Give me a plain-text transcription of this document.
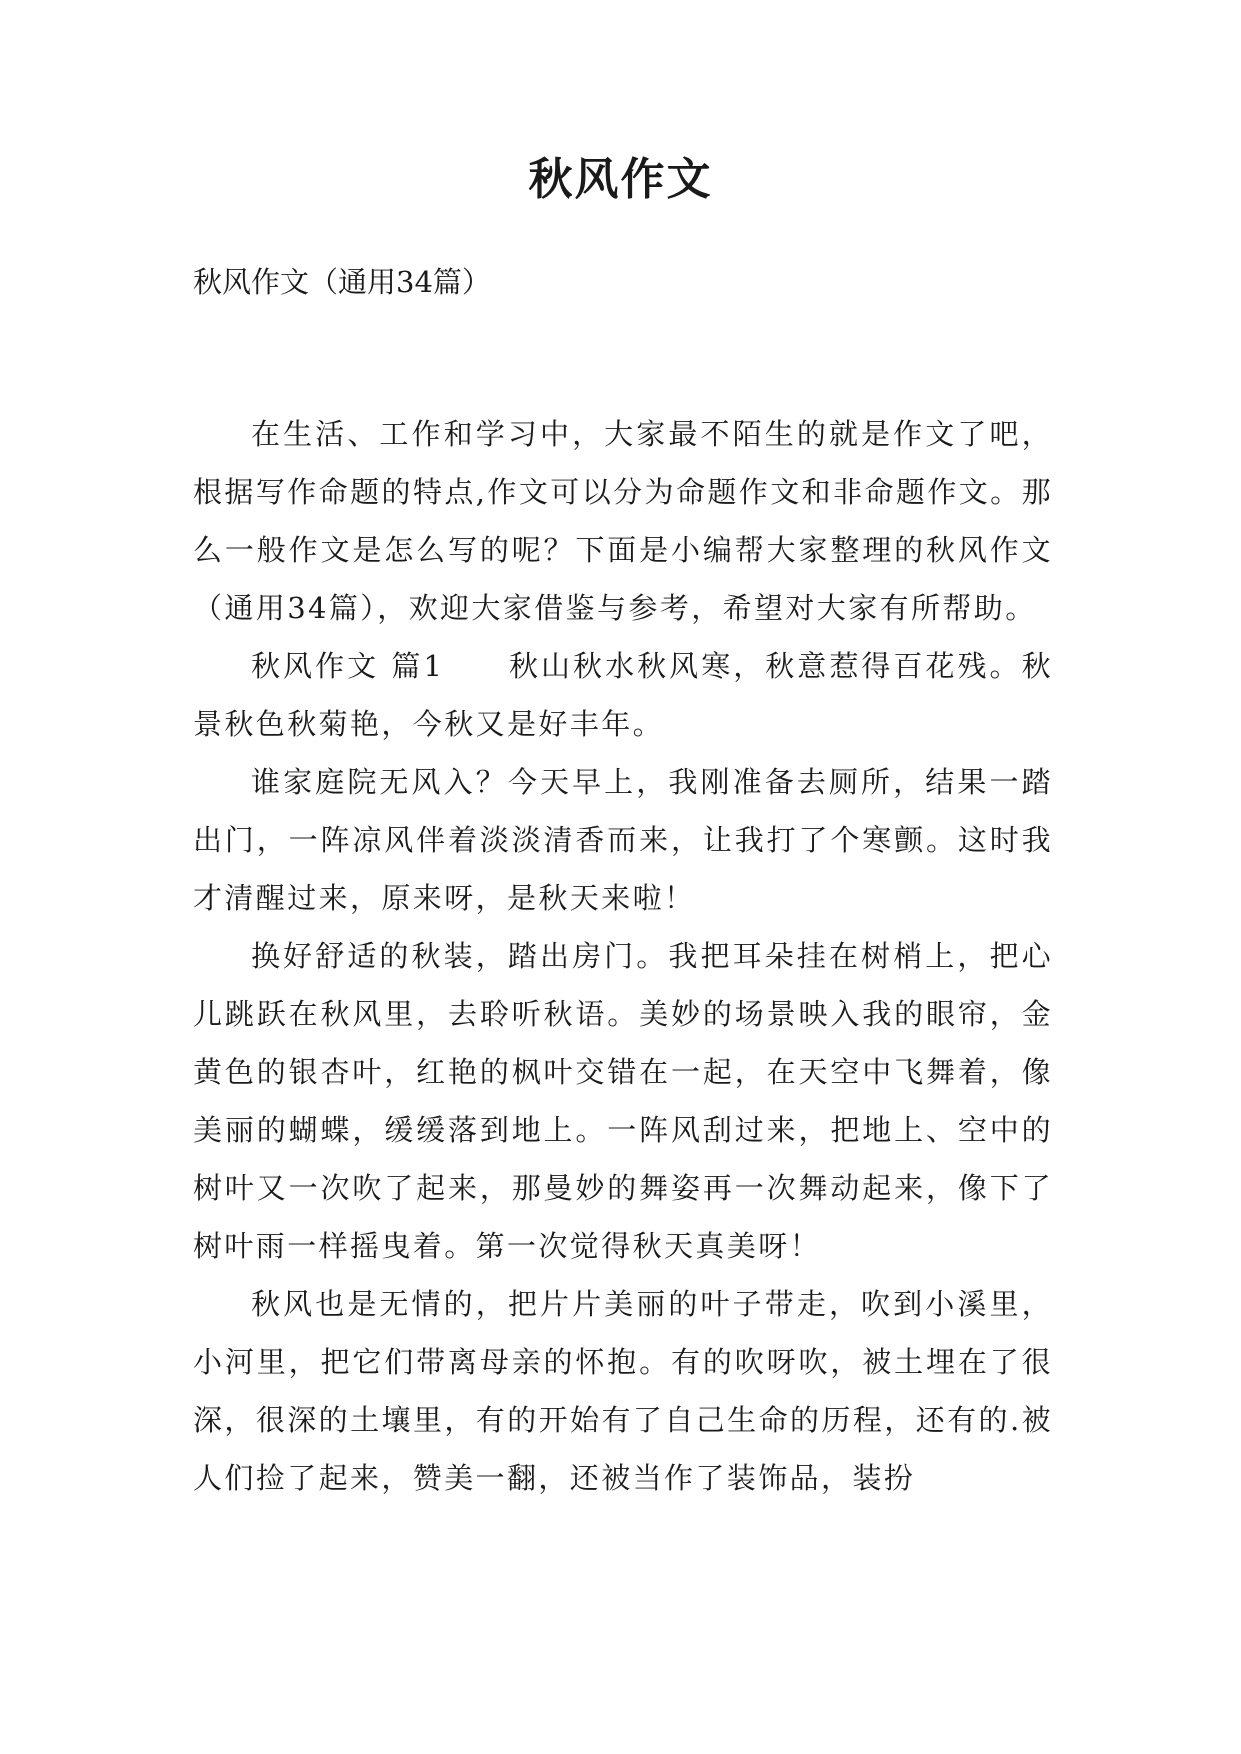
秋风作文

秋风作文（通用34篇）

在生活、工作和学习中，大家最不陌生的就是作文了吧，根据写作命题的特点,作文可以分为命题作文和非命题作文。那么一般作文是怎么写的呢？下面是小编帮大家整理的秋风作文（通用34篇），欢迎大家借鉴与参考，希望对大家有所帮助。

秋风作文 篇1 秋山秋水秋风寒，秋意惹得百花残。秋景秋色秋菊艳，今秋又是好丰年。

谁家庭院无风入？今天早上，我刚准备去厕所，结果一踏出门，一阵凉风伴着淡淡清香而来，让我打了个寒颤。这时我才清醒过来，原来呀，是秋天来啦！

换好舒适的秋装，踏出房门。我把耳朵挂在树梢上，把心儿跳跃在秋风里，去聆听秋语。美妙的场景映入我的眼帘，金黄色的银杏叶，红艳的枫叶交错在一起，在天空中飞舞着，像美丽的蝴蝶，缓缓落到地上。一阵风刮过来，把地上、空中的树叶又一次吹了起来，那曼妙的舞姿再一次舞动起来，像下了树叶雨一样摇曳着。第一次觉得秋天真美呀！

秋风也是无情的，把片片美丽的叶子带走，吹到小溪里，小河里，把它们带离母亲的怀抱。有的吹呀吹，被土埋在了很深，很深的土壤里，有的开始有了自己生命的历程，还有的.被人们捡了起来，赞美一翻，还被当作了装饰品，装扮
